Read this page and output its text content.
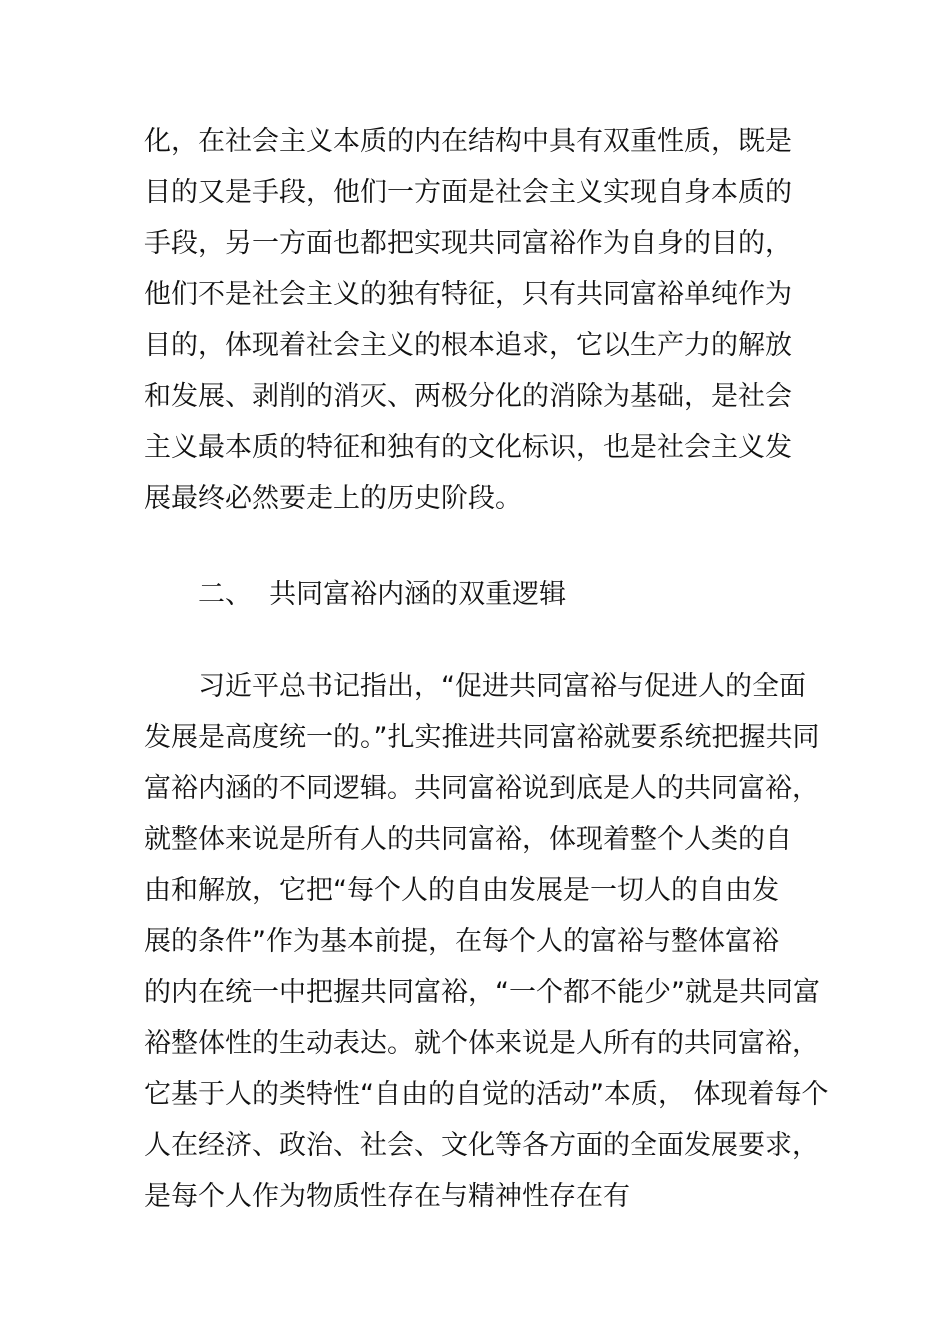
化，在社会主义本质的内在结构中具有双重性质，既是
目的又是手段，他们一方面是社会主义实现自身本质的
手段，另一方面也都把实现共同富裕作为自身的目的，
他们不是社会主义的独有特征，只有共同富裕单纯作为
目的，体现着社会主义的根本追求，它以生产力的解放
和发展、剥削的消灭、两极分化的消除为基础，是社会
主义最本质的特征和独有的文化标识，也是社会主义发
展最终必然要走上的历史阶段。
二、  共同富裕内涵的双重逻辑
习近平总书记指出，“促进共同富裕与促进人的全面
发展是高度统一的。”扎实推进共同富裕就要系统把握共同
富裕内涵的不同逻辑。共同富裕说到底是人的共同富裕，
就整体来说是所有人的共同富裕，体现着整个人类的自
由和解放，它把“每个人的自由发展是一切人的自由发
展的条件”作为基本前提，在每个人的富裕与整体富裕
的内在统一中把握共同富裕，“一个都不能少”就是共同富
裕整体性的生动表达。就个体来说是人所有的共同富裕，
它基于人的类特性“自由的自觉的活动”本质， 体现着每个
人在经济、政治、社会、文化等各方面的全面发展要求，
是每个人作为物质性存在与精神性存在有
